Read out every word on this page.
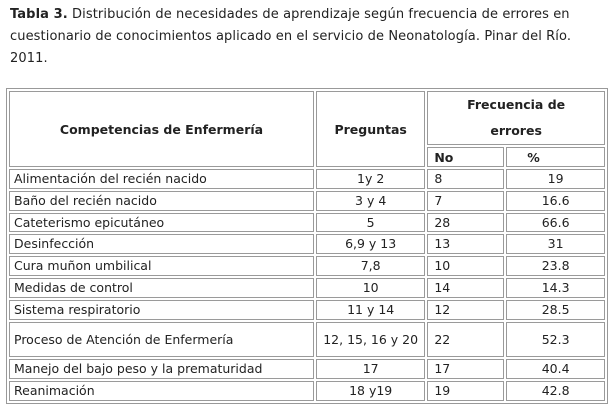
Tabla 3. Distribución de necesidades de aprendizaje según frecuencia de errores en cuestionario de conocimientos aplicado en el servicio de Neonatología. Pinar del Río. 2011.
Competencias de Enfermería	Preguntas	Frecuencia de
errores	
		No	%
Alimentación del recién nacido	1y 2	8	19
Baño del recién nacido	3 y 4	7	16.6
Cateterismo epicutáneo	5	28	66.6
Desinfección	6,9 y 13	13	31
Cura muñon umbilical	7,8	10	23.8
Medidas de control	10	14	14.3
Sistema respiratorio	11 y 14	12	28.5
Proceso de Atención de Enfermería	12, 15, 16 y 20	22	52.3
Manejo del bajo peso y la prematuridad	17	17	40.4
Reanimación	18 y19	19	42.8
